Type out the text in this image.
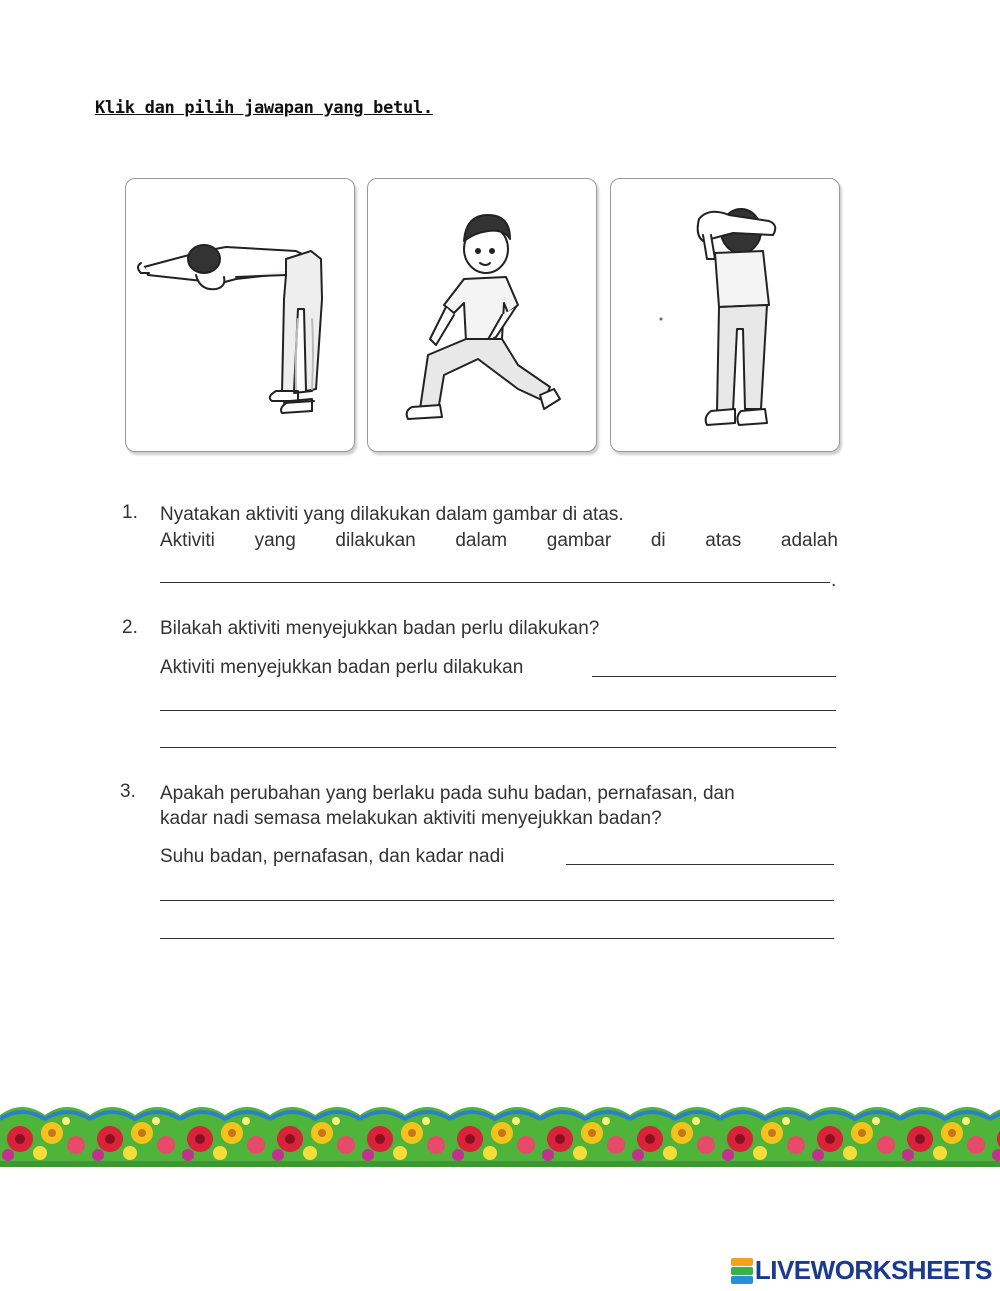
Klik dan pilih jawapan yang betul.
1. Nyatakan aktiviti yang dilakukan dalam gambar di atas.
Aktiviti yang dilakukan dalam gambar di atas adalah
.
2. Bilakah aktiviti menyejukkan badan perlu dilakukan?
Aktiviti menyejukkan badan perlu dilakukan
3. Apakah perubahan yang berlaku pada suhu badan, pernafasan, dan
kadar nadi semasa melakukan aktiviti menyejukkan badan?
Suhu badan, pernafasan, dan kadar nadi
LIVEWORKSHEETS
